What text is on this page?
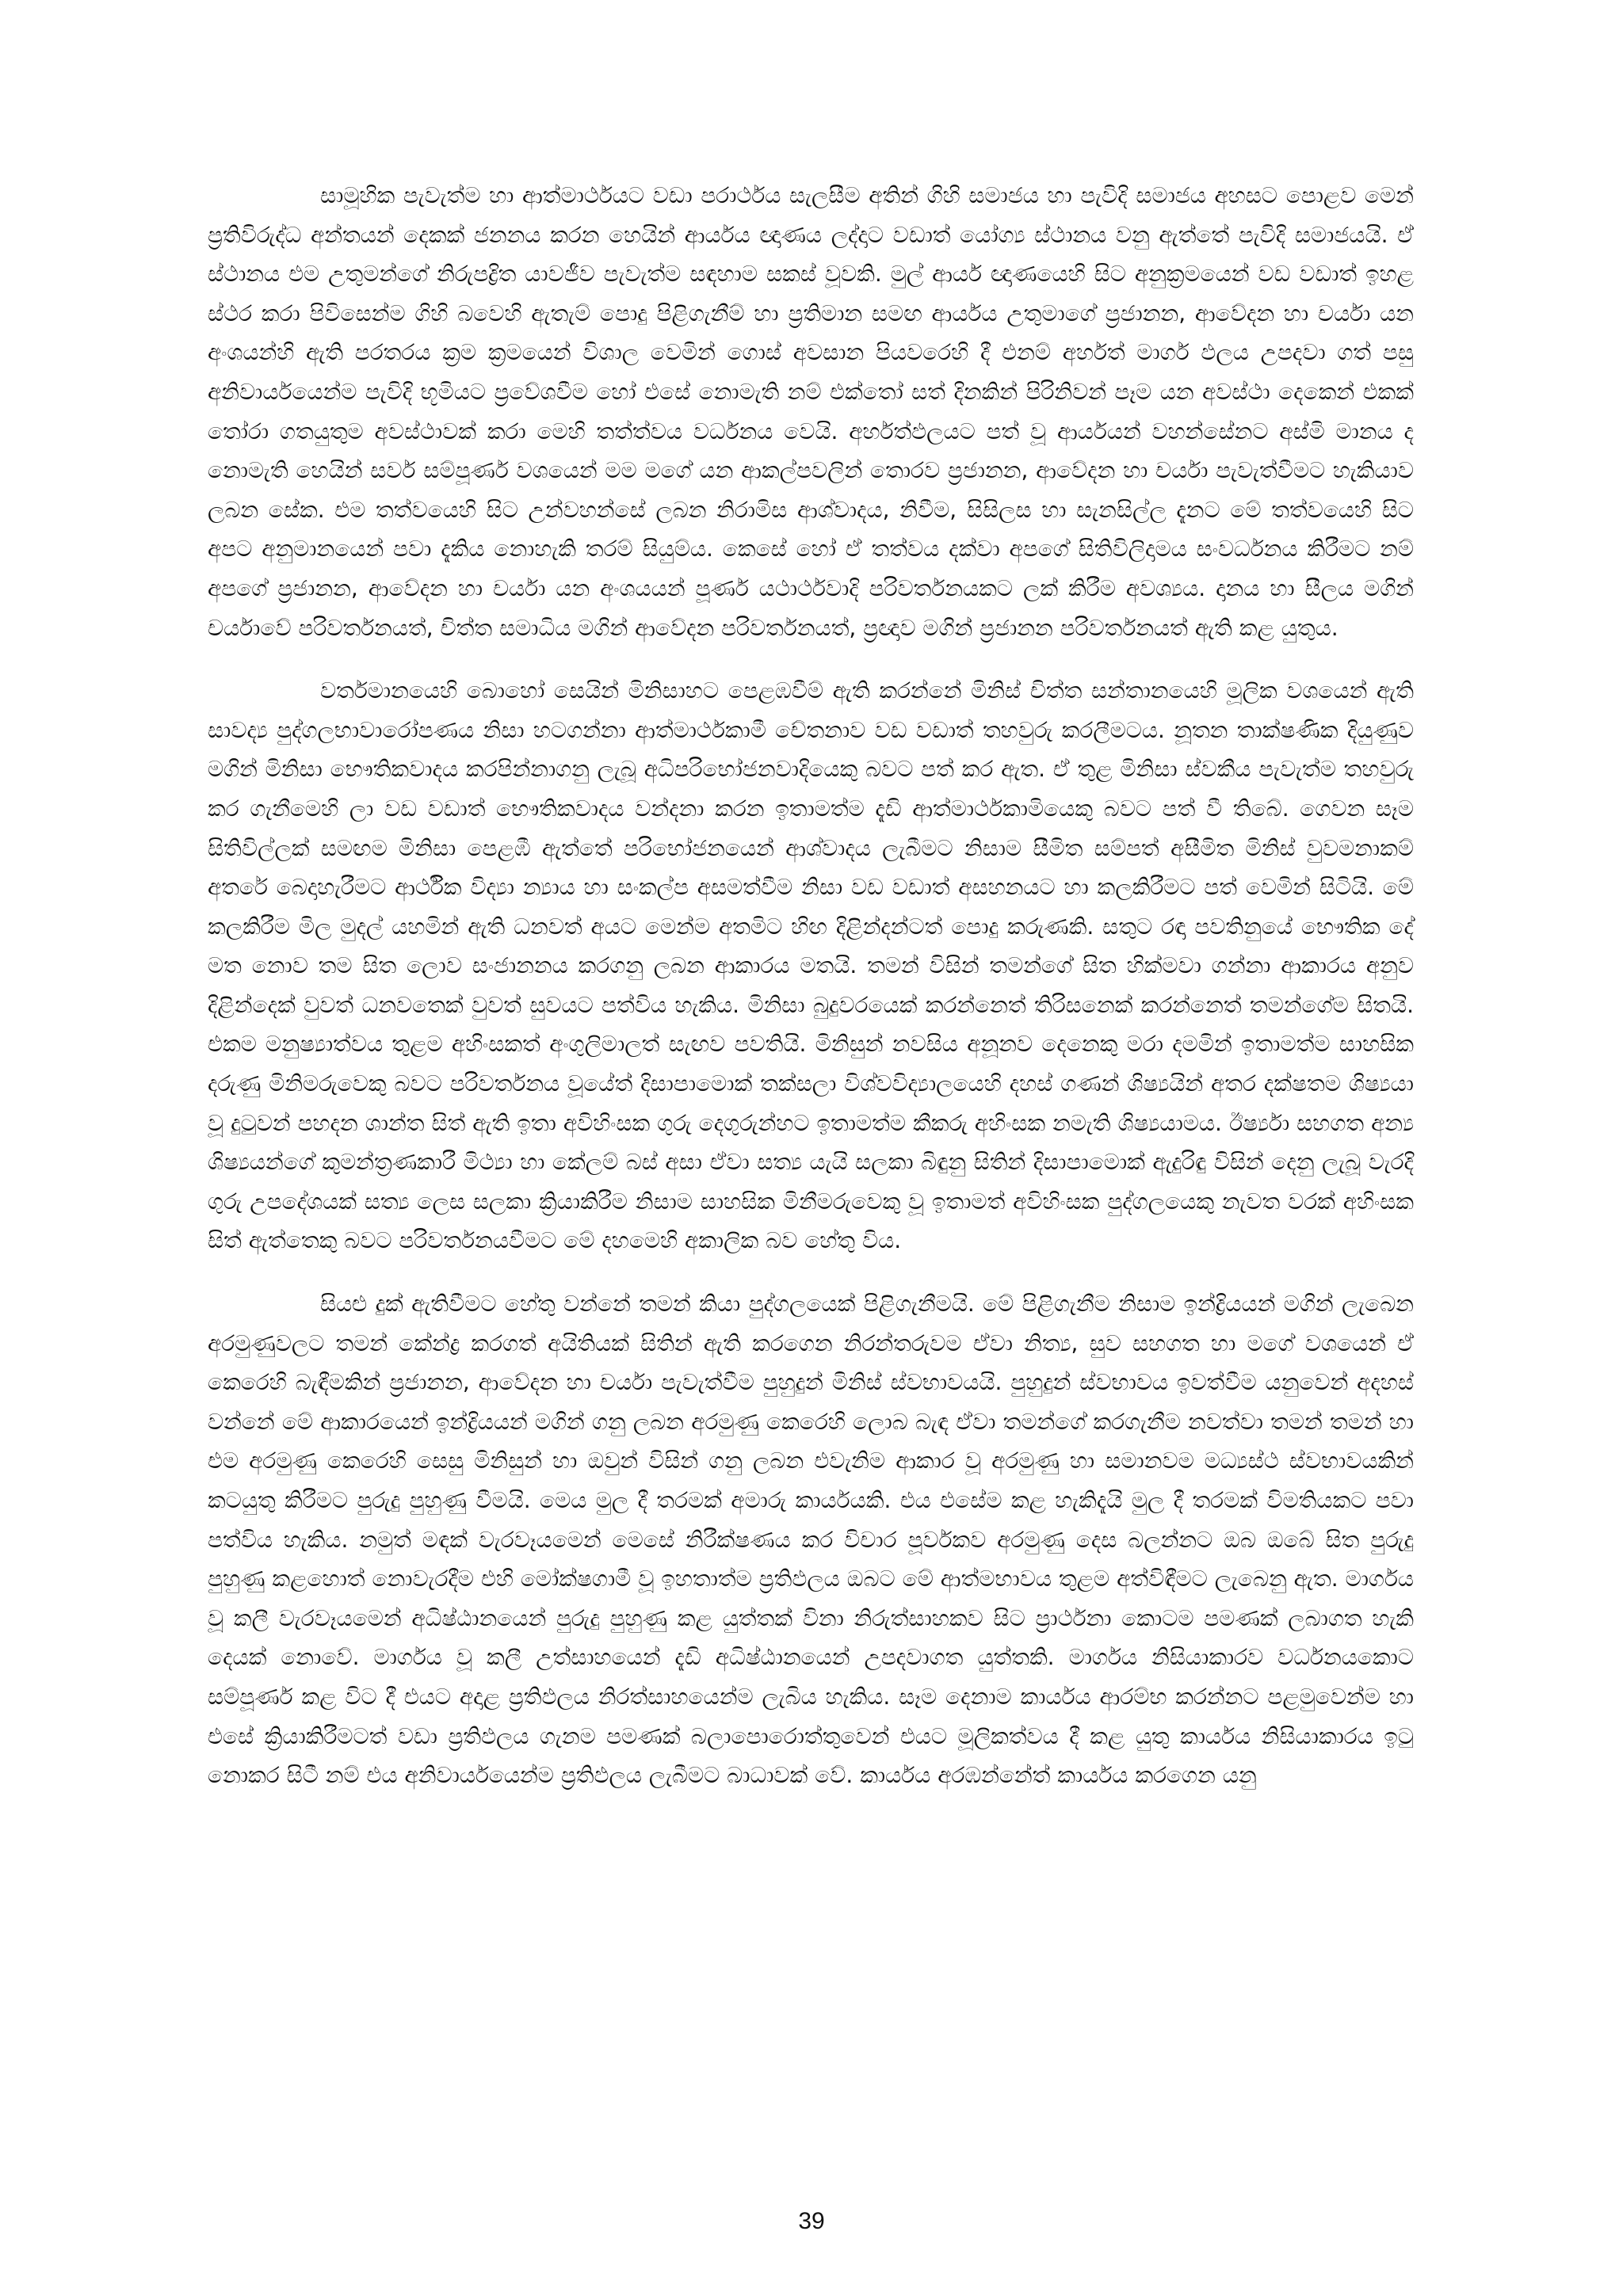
සාමූහික පැවැත්ම හා ආත්මාර්ථයට වඩා පරාර්ථය සැලසීම අතින් ගිහි සමාජය හා පැවිදි සමාජය අහසට පොළව මෙන් ප්‍රතිවිරුද්ධ අන්තයන් දෙකක් ජනනය කරන හෙයින් ආර්යය ඥාණය ලද්දාට වඩාත් යෝග්‍ය ස්ථානය වනු ඇත්තේ පැවිදි සමාජයයි. ඒ ස්ථානය එම උතුමන්ගේ නිරුපද්‍රිත යාවජීව පැවැත්ම සඳහාම සකස් වූවකි. මුල් ආර්ය ඥාණයෙහි සිට අනුක්‍රමයෙන් වඩ වඩාත් ඉහළ ස්ථර කරා පිවිසෙන්ම ගිහි බවෙහි ඇතැම් පොදු පිළිගැනීම් හා ප්‍රතිමාන සමඟ ආර්යය උතුමාගේ ප්‍රජානන, ආවේදන හා චර්යා යන අංශයන්හි ඇති පරතරය ක්‍රම ක්‍රමයෙන් විශාල වෙමින් ගොස් අවසාන පියවරෙහි දී එනම් අර්හත් මාර්ග ඵලය උපදවා ගත් පසු අනිවාර්යයෙන්ම පැවිදි භූමියට ප්‍රවේශවීම හෝ එසේ නොමැති නම් එක්තෝ සත් දිනකින් පිරිනිවන් පෑම යන අවස්ථා දෙකෙන් එකක් තෝරා ගතයුතුම අවස්ථාවක් කරා මෙහි තත්ත්වය වර්ධනය වෙයි. අර්හත්ඵලයට පත් වූ ආර්යයන් වහන්සේනට අස්මි මානය ද නොමැති හෙයින් සර්ව සම්පූර්ණ වශයෙන් මම මගේ යන ආකල්පවලින් තොරව ප්‍රජානන, ආවේදන හා චර්යා පැවැත්වීමට හැකියාව ලබන සේක. එම තත්වයෙහි සිට උන්වහන්සේ ලබන නිරාමිස ආශ්වාදය, නිවීම, සිසිලස හා සැනසිල්ල දැනට මේ තත්වයෙහි සිට අපට අනුමානයෙන් පවා දැකිය නොහැකි තරම් සියුම්ය. කෙසේ හෝ ඒ තත්වය දක්වා අපගේ සිතිවිලිදාමය සංවර්ධනය කිරීමට නම් අපගේ ප්‍රජානන, ආවේදන හා චර්යා යන අංශයයන් පූර්ණ යථාර්ථවාදි පරිවර්තනයකට ලක් කිරීම අවශ්‍යය. දානය හා සීලය මගින් චර්යාවේ පරිවර්තනයත්, චිත්ත සමාධිය මගින් ආවේදන පරිවර්තනයත්, ප්‍රඥාව මගින් ප්‍රජානන පරිවර්තනයත් ඇති කළ යුතුය.

වර්තමානයෙහි බොහෝ සෙයින් මිනිසාහට පෙළඹවීම් ඇති කරන්නේ මිනිස් චිත්ත සන්තානයෙහි මූලික වශයෙන් ඇති සාවද්‍ය පුද්ගලභාවාරෝපණය නිසා හටගන්නා ආත්මාර්ථකාමී චේතනාව වඩ වඩාත් තහවුරු කරලීමටය. නූතන තාක්ෂණික දියුණුව මගින් මිනිසා භෞතිකවාදය කරපින්නාගනු ලැබූ අධිපරිභෝජනවාදියෙකු බවට පත් කර ඇත. ඒ තුළ මිනිසා ස්වකීය පැවැත්ම තහවුරු කර ගැනීමෙහි ලා වඩ වඩාත් භෞතිකවාදය වන්දනා කරන ඉතාමත්ම දැඩි ආත්මාර්ථකාමියෙකු බවට පත් වී තිබේ. ගෙවන සෑම සිතිවිල්ලක් සමඟම මිනිසා පෙළඹී ඇත්තේ පරිභෝජනයෙන් ආශ්වාදය ලැබීමට නිසාම සීමිත සම්පත් අසීමිත මිනිස් වුවමනාකම් අතරේ බෙදාහැරීමට ආර්ථික විද්‍යා න්‍යාය හා සංකල්ප අසමත්වීම නිසා වඩ වඩාත් අසහනයට හා කලකිරීමට පත් වෙමින් සිටියි. මේ කලකිරීම මිල මුදල් යහමින් ඇති ධනවත් අයට මෙන්ම අතමිට හිඟ දිළින්දන්ටත් පොදු කරුණකි. සතුට රඳා පවතිනුයේ භෞතික දේ මත නොව තම සිත ලොව සංජානනය කරගනු ලබන ආකාරය මතයි. තමන් විසින් තමන්ගේ සිත හික්මවා ගන්නා ආකාරය අනුව දිළින්දෙක් වුවත් ධනවතෙක් වුවත් සුවයට පත්විය හැකිය. මිනිසා බුදුවරයෙක් කරන්නෙත් තිරිසනෙක් කරන්නෙත් තමන්ගේම සිතයි. එකම මනුෂ්‍යාත්වය තුළම අහිංසකත් අංගුලිමාලත් සැඟව පවතියි. මිනිසුන් නවසිය අනූනව දෙනෙකු මරා දමමින් ඉතාමත්ම සාහසික දරුණු මිනිමරුවෙකු බවට පරිවර්තනය වූයේත් දිසාපාමොක් තක්සලා විශ්වවිද්‍යාලයෙහි දහස් ගණන් ශිෂ්‍යයින් අතර දක්ෂතම ශිෂ්‍යයා වූ දුටුවන් පහදන ශාන්ත සිත් ඇති ඉතා අවිහිංසක ගුරු දෙගුරුන්හට ඉතාමත්ම කීකරු අහිංසක නමැති ශිෂ්‍යයාමය. ඊර්ෂ්‍යා සහගත අන්‍ය ශිෂ්‍යයන්ගේ කුමන්ත්‍රණකාරී මිථ්‍යා හා කේලම් බස් අසා ඒවා සත්‍ය යැයි සලකා බිඳුනු සිතින් දිසාපාමොක් ඇදුරිඳු විසින් දෙනු ලැබූ වැරදි ගුරු උපදේශයක් සත්‍ය ලෙස සලකා ක්‍රියාකිරීම නිසාම සාහසික මිනීමරුවෙකු වූ ඉතාමත් අවිහිංසක පුද්ගලයෙකු නැවත වරක් අහිංසක සිත් ඇත්තෙකු බවට පරිවර්තනයවීමට මේ දහමෙහි අකාලික බව හේතු විය.

සියළු දුක් ඇතිවීමට හේතු වන්නේ තමන් කියා පුද්ගලයෙක් පිළිගැනීමයි. මේ පිළිගැනීම නිසාම ඉන්ද්‍රියයන් මගින් ලැබෙන අරමුණුවලට තමන් කේන්ද්‍ර කරගත් අයිතියක් සිතින් ඇති කරගෙන නිරන්තරුවම ඒවා නිත්‍ය, සුව සහගත හා මගේ වශයෙන් ඒ කෙරෙහි බැඳීමකින් ප්‍රජානන, ආවේදන හා චර්යා පැවැත්වීම පුහුදුන් මිනිස් ස්වභාවයයි. පුහුදුන් ස්වභාවය ඉවත්වීම යනුවෙන් අදහස් වන්නේ මේ ආකාරයෙන් ඉන්ද්‍රියයන් මගින් ගනු ලබන අරමුණු කෙරෙහි ලොබ බැඳ ඒවා තමන්ගේ කරගැනීම නවත්වා තමන් තමන් හා එම අරමුණු කෙරෙහි සෙසු මිනිසුන් හා ඔවුන් විසින් ගනු ලබන එවැනිම ආකාර වූ අරමුණු හා සමානවම මධ්‍යස්ථ ස්වභාවයකින් කටයුතු කිරීමට පුරුදු පුහුණු වීමයි. මෙය මුල දී තරමක් අමාරු කාර්යයකි. එය එසේම කළ හැකිදැයි මුල දී තරමක් විමතියකට පවා පත්විය හැකිය. නමුත් මඳක් වැරවෑයමෙන් මෙසේ නිරීක්ෂණය කර විචාර පූර්වකව අරමුණු දෙස බලන්නට ඔබ ඔබේ සිත පුරුදු පුහුණු කළහොත් නොවැරදීම එහි මෝක්ෂගාමී වූ ඉහතාත්ම ප්‍රතිඵලය ඔබට මේ ආත්මභාවය තුළම අත්විඳීමට ලැබෙනු ඇත. මාර්ගය වූ කලී වැරවෑයමෙන් අධිෂ්ඨානයෙන් පුරුදු පුහුණු කළ යුත්තක් විනා නිරුත්සාහකව සිට ප්‍රාර්ථනා කොටම පමණක් ලබාගත හැකි දෙයක් නොවේ. මාර්ගය වූ කලී උත්සාහයෙන් දැඩි අධිෂ්ඨානයෙන් උපදවාගත යුත්තකි. මාර්ගය නිසියාකාරව වර්ධනයකොට සම්පූර්ණ කළ විට දී එයට අදාළ ප්‍රතිඵලය නිරත්සාහයෙන්ම ලැබිය හැකිය. සෑම දෙනාම කාර්යය ආරම්භ කරන්නට පළමුවෙන්ම හා එසේ ක්‍රියාකිරීමටත් වඩා ප්‍රතිඵලය ගැනම පමණක් බලාපොරොත්තුවෙන් එයට මූලිකත්වය දී කළ යුතු කාර්යය නිසියාකාරය ඉටු නොකර සිටී නම් එය අනිවාර්යයෙන්ම ප්‍රතිඵලය ලැබීමට බාධාවක් වේ. කාර්යය අරඹන්නේත් කාර්යය කරගෙන යනු

39
